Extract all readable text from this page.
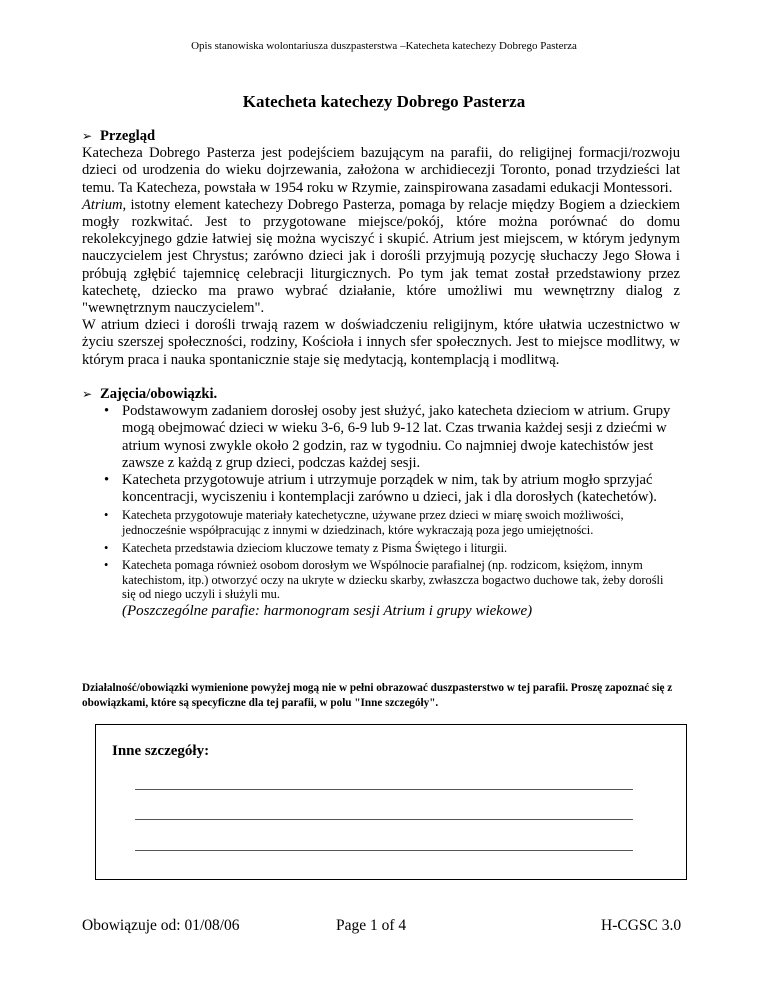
Opis stanowiska wolontariusza duszpasterstwa –Katecheta katechezy Dobrego Pasterza
Katecheta katechezy Dobrego Pasterza
➢ Przegląd

Katecheza Dobrego Pasterza jest podejściem bazującym na parafii, do religijnej formacji/rozwoju dzieci od urodzenia do wieku dojrzewania, założona w archidiecezji Toronto, ponad trzydzieści lat temu. Ta Katecheza, powstała w 1954 roku w Rzymie, zainspirowana zasadami edukacji Montessori.

Atrium, istotny element katechezy Dobrego Pasterza, pomaga by relacje między Bogiem a dzieckiem mogły rozkwitać. Jest to przygotowane miejsce/pokój, które można porównać do domu rekolekcyjnego gdzie łatwiej się można wyciszyć i skupić. Atrium jest miejscem, w którym jedynym nauczycielem jest Chrystus; zarówno dzieci jak i dorośli przyjmują pozycję słuchaczy Jego Słowa i próbują zgłębić tajemnicę celebracji liturgicznych. Po tym jak temat został przedstawiony przez katechetę, dziecko ma prawo wybrać działanie, które umożliwi mu wewnętrzny dialog z "wewnętrznym nauczycielem".

W atrium dzieci i dorośli trwają razem w doświadczeniu religijnym, które ułatwia uczestnictwo w życiu szerszej społeczności, rodziny, Kościoła i innych sfer społecznych. Jest to miejsce modlitwy, w którym praca i nauka spontanicznie staje się medytacją, kontemplacją i modlitwą.

➢ Zajęcia/obowiązki.
• Podstawowym zadaniem dorosłej osoby jest służyć, jako katecheta dzieciom w atrium. Grupy mogą obejmować dzieci w wieku 3-6, 6-9 lub 9-12 lat. Czas trwania każdej sesji z dziećmi w atrium wynosi zwykle około 2 godzin, raz w tygodniu. Co najmniej dwoje katechistów jest zawsze z każdą z grup dzieci, podczas każdej sesji.
• Katecheta przygotowuje atrium i utrzymuje porządek w nim, tak by atrium mogło sprzyjać koncentracji, wyciszeniu i kontemplacji zarówno u dzieci, jak i dla dorosłych (katechetów).
• Katecheta przygotowuje materiały katechetyczne, używane przez dzieci w miarę swoich możliwości, jednocześnie współpracując z innymi w dziedzinach, które wykraczają poza jego umiejętności.
• Katecheta przedstawia dzieciom kluczowe tematy z Pisma Świętego i liturgii.
• Katecheta pomaga również osobom dorosłym we Wspólnocie parafialnej (np. rodzicom, księżom, innym katechistom, itp.) otworzyć oczy na ukryte w dziecku skarby, zwłaszcza bogactwo duchowe tak, żeby dorośli się od niego uczyli i służyli mu.
(Poszczególne parafie: harmonogram sesji Atrium i grupy wiekowe)
Działalność/obowiązki wymienione powyżej mogą nie w pełni obrazować duszpasterstwo w tej parafii. Proszę zapoznać się z obowiązkami, które są specyficzne dla tej parafii, w polu "Inne szczegóły".
Inne szczegóły:
Obowiązuje od: 01/08/06	Page 1 of 4	H-CGSC 3.0
